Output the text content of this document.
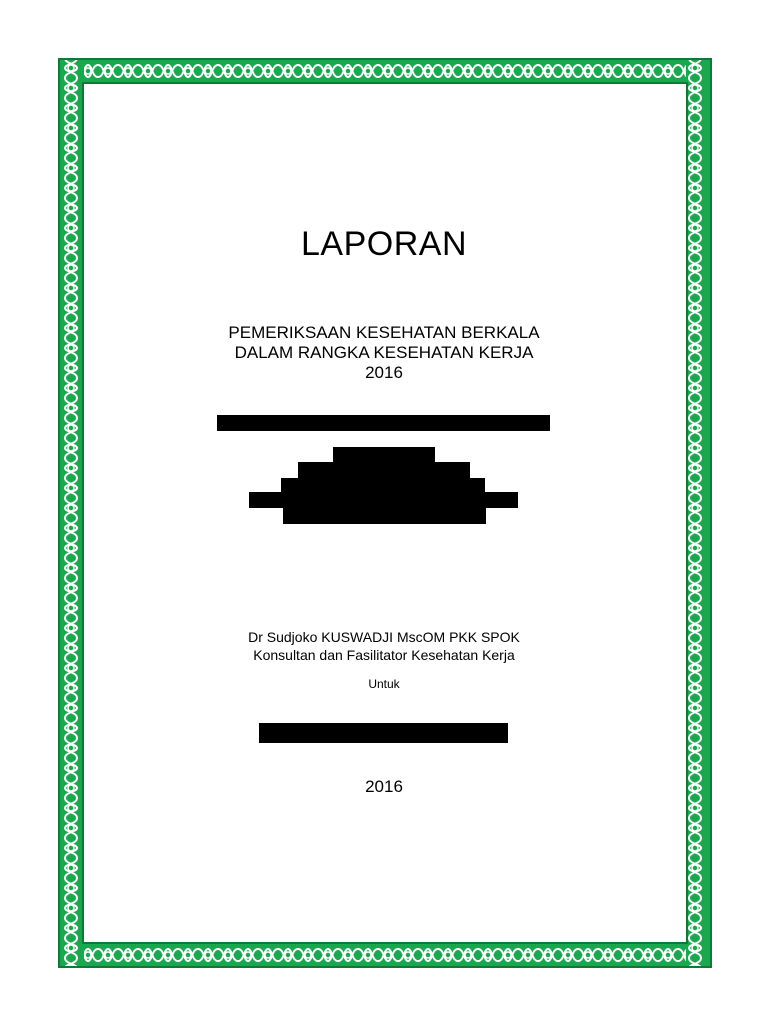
LAPORAN
PEMERIKSAAN KESEHATAN BERKALA
DALAM RANGKA KESEHATAN KERJA
2016
Dr Sudjoko KUSWADJI MscOM PKK SPOK
Konsultan dan Fasilitator Kesehatan Kerja
Untuk
2016
